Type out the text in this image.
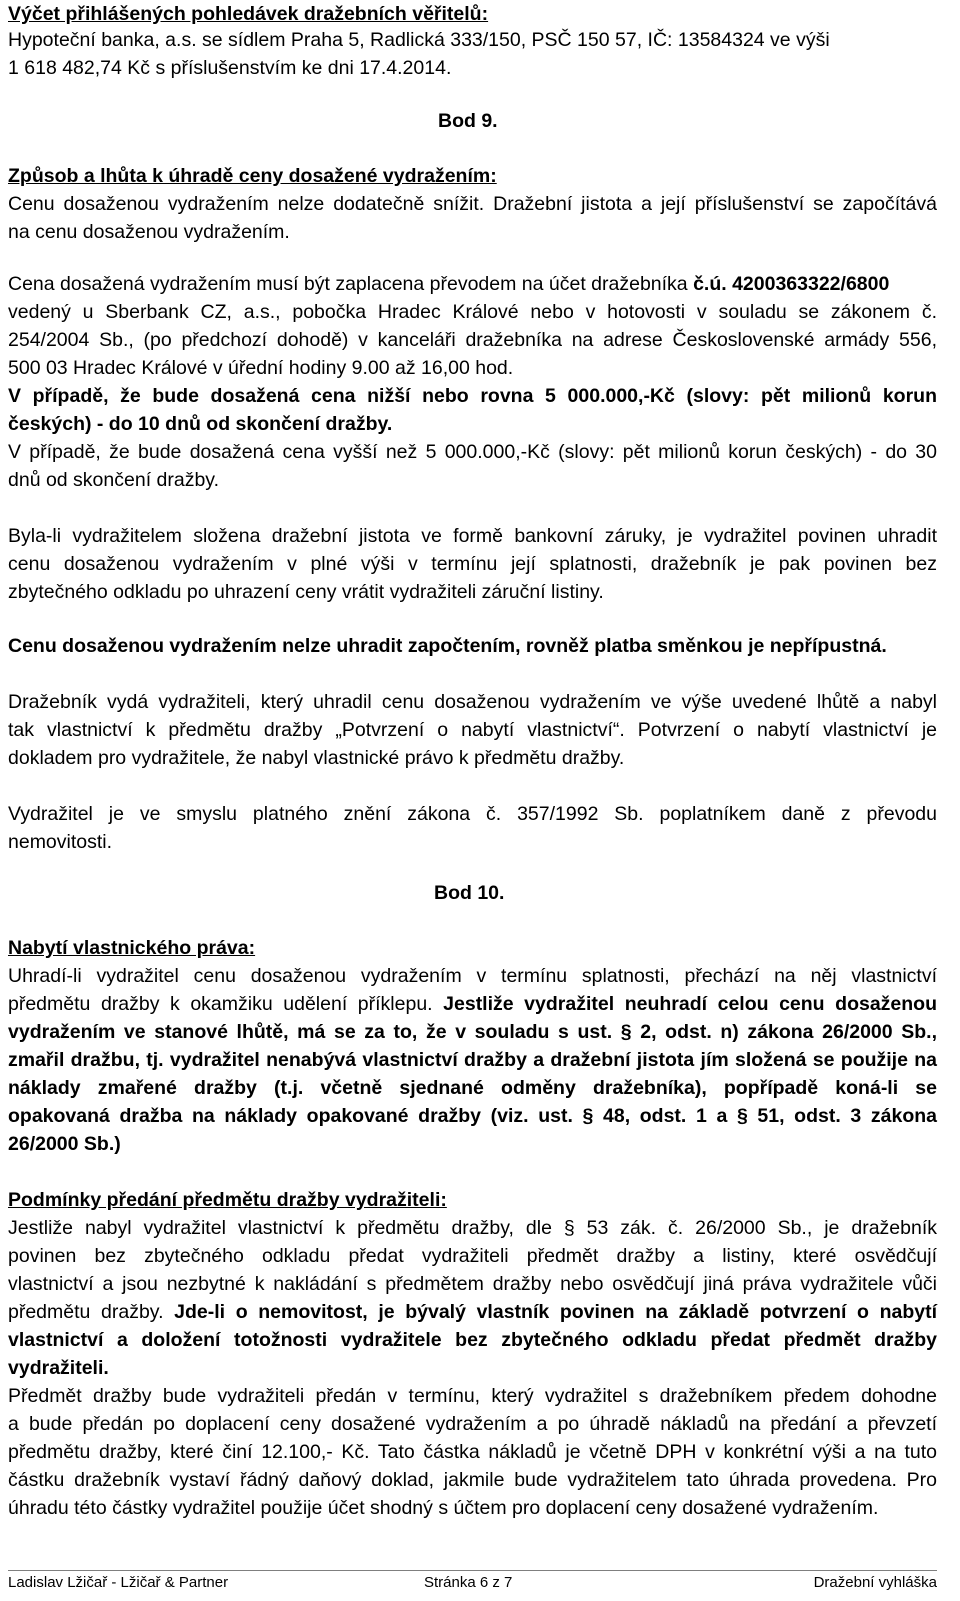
Výčet přihlášených pohledávek dražebních věřitelů:
Hypoteční banka, a.s. se sídlem Praha 5, Radlická 333/150, PSČ 150 57, IČ: 13584324 ve výši
1 618 482,74 Kč s příslušenstvím ke dni 17.4.2014.
Bod 9.
Způsob a lhůta k úhradě ceny dosažené vydražením:
Cenu dosaženou vydražením nelze dodatečně snížit. Dražební jistota a její příslušenství se započítává
na cenu dosaženou vydražením.
Cena dosažená vydražením musí být zaplacena převodem na účet dražebníka č.ú. 4200363322/6800
vedený u Sberbank CZ, a.s., pobočka Hradec Králové nebo v hotovosti v souladu se zákonem č.
254/2004 Sb., (po předchozí dohodě) v kanceláři dražebníka na adrese Československé armády 556,
500 03 Hradec Králové v úřední hodiny 9.00 až 16,00 hod.
V případě, že bude dosažená cena nižší nebo rovna 5 000.000,-Kč (slovy: pět milionů korun
českých) - do 10 dnů od skončení dražby.
V případě, že bude dosažená cena vyšší než 5 000.000,-Kč (slovy: pět milionů korun českých) - do 30
dnů od skončení dražby.
Byla-li vydražitelem složena dražební jistota ve formě bankovní záruky, je vydražitel povinen uhradit
cenu dosaženou vydražením v plné výši v termínu její splatnosti, dražebník je pak povinen bez
zbytečného odkladu po uhrazení ceny vrátit vydražiteli záruční listiny.
Cenu dosaženou vydražením nelze uhradit započtením, rovněž platba směnkou je nepřípustná.
Dražebník vydá vydražiteli, který uhradil cenu dosaženou vydražením ve výše uvedené lhůtě a nabyl
tak vlastnictví k předmětu dražby „Potvrzení o nabytí vlastnictví“. Potvrzení o nabytí vlastnictví je
dokladem pro vydražitele, že nabyl vlastnické právo k předmětu dražby.
Vydražitel je ve smyslu platného znění zákona č. 357/1992 Sb. poplatníkem daně z převodu
nemovitosti.
Bod 10.
Nabytí vlastnického práva:
Uhradí-li vydražitel cenu dosaženou vydražením v termínu splatnosti, přechází na něj vlastnictví
předmětu dražby k okamžiku udělení příklepu. Jestliže vydražitel neuhradí celou cenu dosaženou
vydražením ve stanové lhůtě, má se za to, že v souladu s ust. § 2, odst. n) zákona 26/2000 Sb.,
zmařil dražbu, tj. vydražitel nenabývá vlastnictví dražby a dražební jistota jím složená se použije na
náklady zmařené dražby (t.j. včetně sjednané odměny dražebníka), popřípadě koná-li se
opakovaná dražba na náklady opakované dražby (viz. ust. § 48, odst. 1 a § 51, odst. 3 zákona
26/2000 Sb.)
Podmínky předání předmětu dražby vydražiteli:
Jestliže nabyl vydražitel vlastnictví k předmětu dražby, dle § 53 zák. č. 26/2000 Sb., je dražebník
povinen bez zbytečného odkladu předat vydražiteli předmět dražby a listiny, které osvědčují
vlastnictví a jsou nezbytné k nakládání s předmětem dražby nebo osvědčují jiná práva vydražitele vůči
předmětu dražby. Jde-li o nemovitost, je bývalý vlastník povinen na základě potvrzení o nabytí
vlastnictví a doložení totožnosti vydražitele bez zbytečného odkladu předat předmět dražby
vydražiteli.
Předmět dražby bude vydražiteli předán v termínu, který vydražitel s dražebníkem předem dohodne
a bude předán po doplacení ceny dosažené vydražením a po úhradě nákladů na předání a převzetí
předmětu dražby, které činí 12.100,- Kč. Tato částka nákladů je včetně DPH v konkrétní výši a na tuto
částku dražebník vystaví řádný daňový doklad, jakmile bude vydražitelem tato úhrada provedena. Pro
úhradu této částky vydražitel použije účet shodný s účtem pro doplacení ceny dosažené vydražením.
Ladislav Lžičař - Lžičař & Partner	Stránka 6 z 7	Dražební vyhláška
